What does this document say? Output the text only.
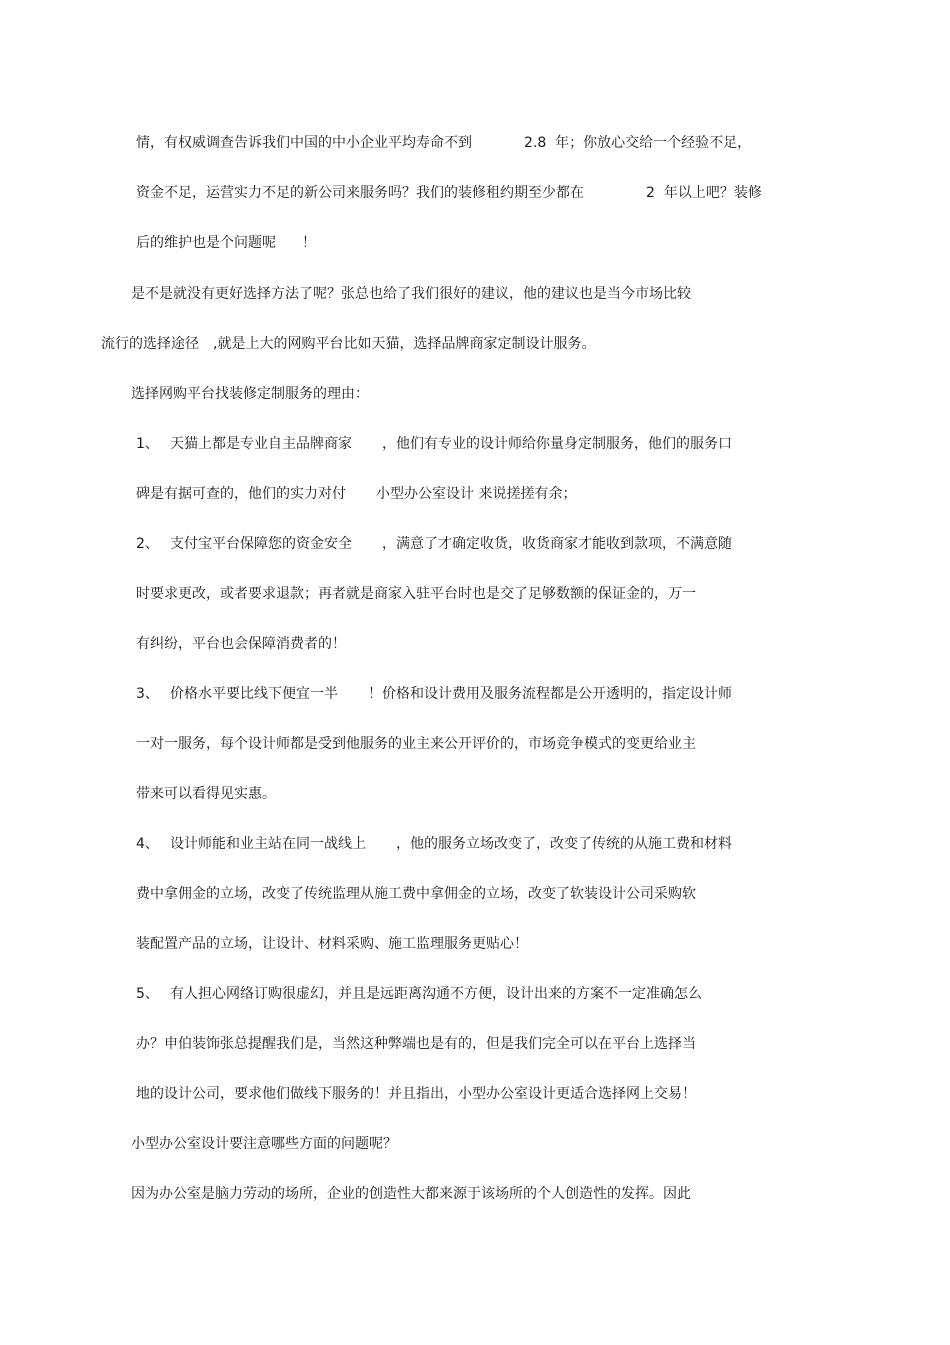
情，有权威调查告诉我们中国的中小企业平均寿命不到	2.8 年；你放心交给一个经验不足，
资金不足，运营实力不足的新公司来服务吗？我们的装修租约期至少都在	2 年以上吧？装修
后的维护也是个问题呢 ！
是不是就没有更好选择方法了呢？张总也给了我们很好的建议，他的建议也是当今市场比较
流行的选择途径 ,就是上大的网购平台比如天猫，选择品牌商家定制设计服务。
选择网购平台找装修定制服务的理由：
1、 天猫上都是专业自主品牌商家 ，他们有专业的设计师给你量身定制服务，他们的服务口
碑是有据可查的，他们的实力对付 小型办公室设计 来说搓搓有余；
2、 支付宝平台保障您的资金安全 ，满意了才确定收货，收货商家才能收到款项，不满意随
时要求更改，或者要求退款；再者就是商家入驻平台时也是交了足够数额的保证金的，万一
有纠纷，平台也会保障消费者的！
3、 价格水平要比线下便宜一半 ！价格和设计费用及服务流程都是公开透明的，指定设计师
一对一服务，每个设计师都是受到他服务的业主来公开评价的，市场竞争模式的变更给业主
带来可以看得见实惠。
4、 设计师能和业主站在同一战线上 ，他的服务立场改变了，改变了传统的从施工费和材料
费中拿佣金的立场，改变了传统监理从施工费中拿佣金的立场，改变了软装设计公司采购软
装配置产品的立场，让设计、材料采购、施工监理服务更贴心！
5、 有人担心网络订购很虚幻，并且是远距离沟通不方便，设计出来的方案不一定准确怎么
办？申伯装饰张总提醒我们是，当然这种弊端也是有的，但是我们完全可以在平台上选择当
地的设计公司，要求他们做线下服务的！并且指出，小型办公室设计更适合选择网上交易！
小型办公室设计要注意哪些方面的问题呢？
因为办公室是脑力劳动的场所，企业的创造性大都来源于该场所的个人创造性的发挥。因此
